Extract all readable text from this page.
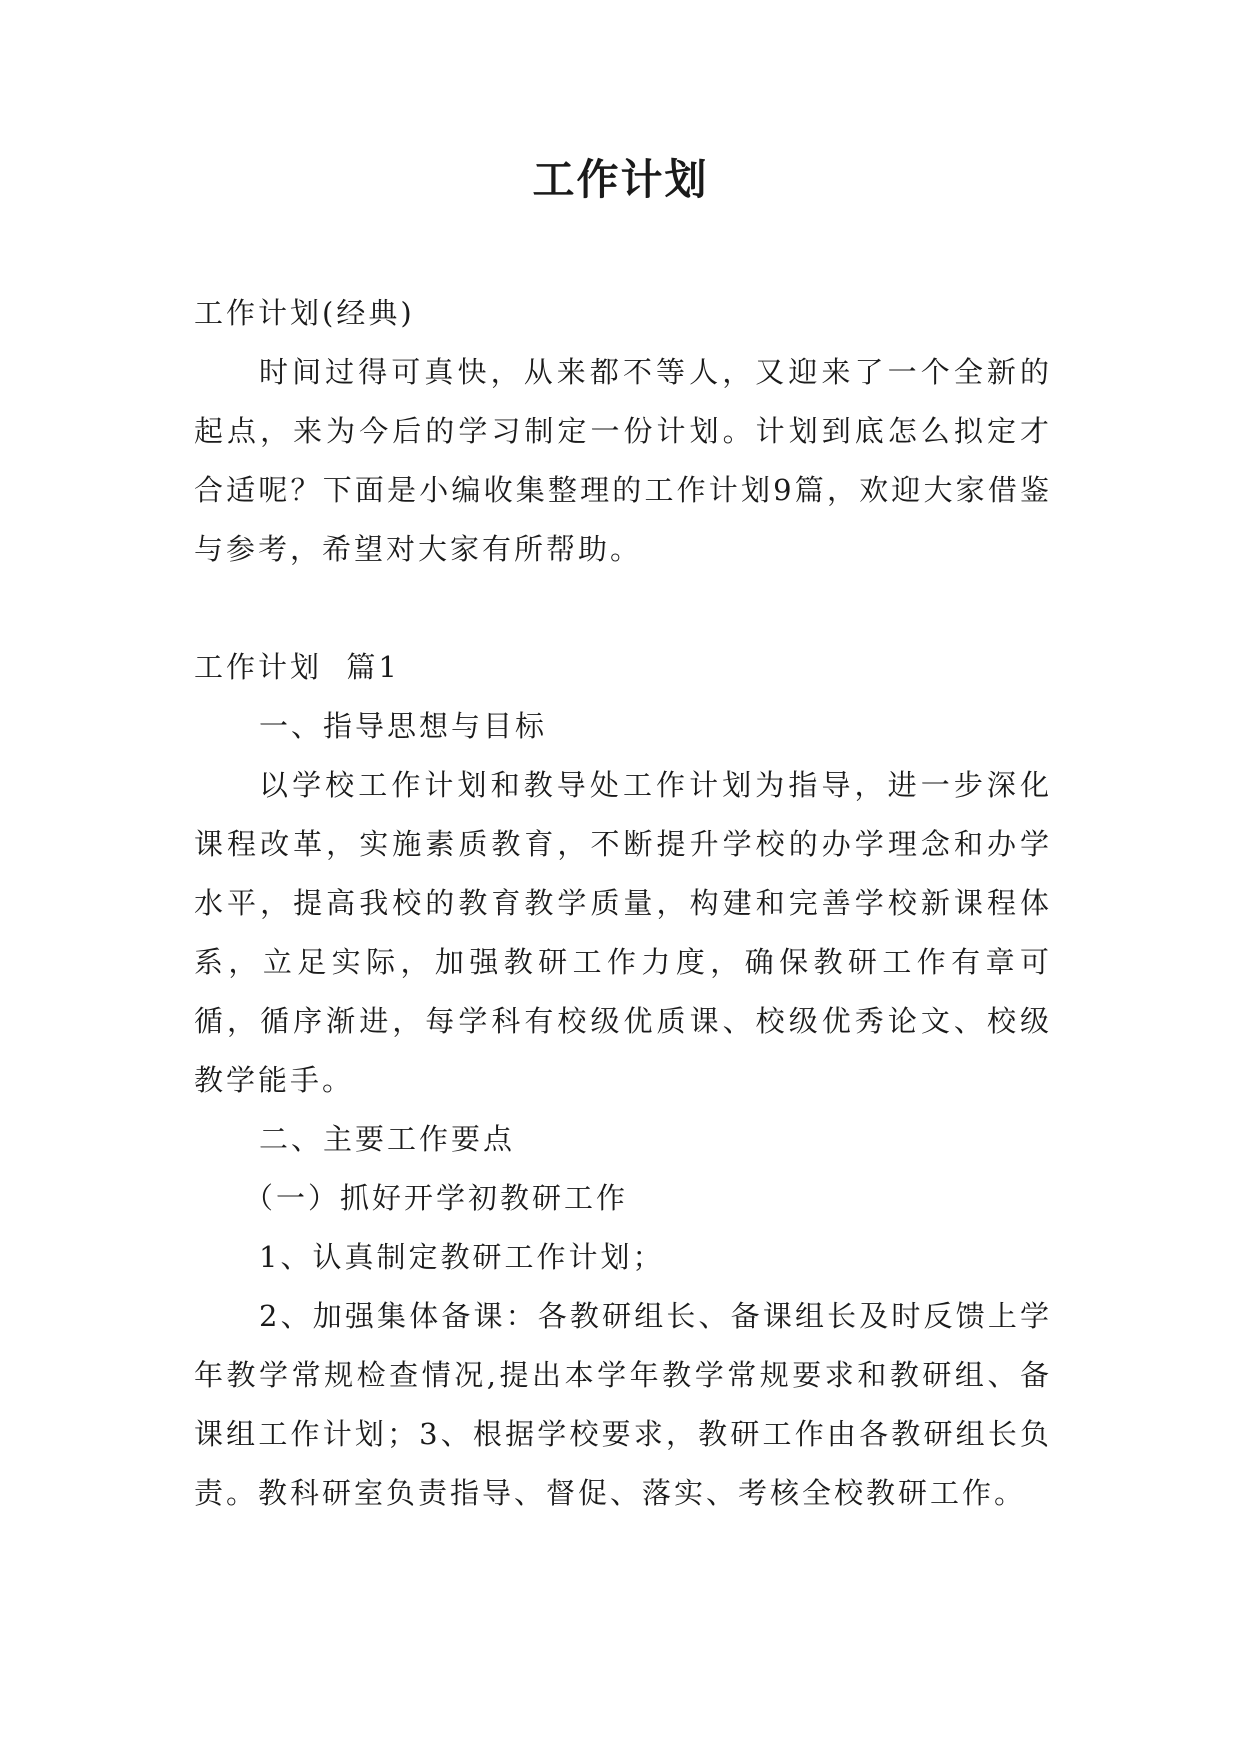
工作计划

工作计划(经典)

时间过得可真快，从来都不等人，又迎来了一个全新的起点，来为今后的学习制定一份计划。计划到底怎么拟定才合适呢？下面是小编收集整理的工作计划9篇，欢迎大家借鉴与参考，希望对大家有所帮助。

工作计划  篇1

一、指导思想与目标

以学校工作计划和教导处工作计划为指导，进一步深化课程改革，实施素质教育，不断提升学校的办学理念和办学水平，提高我校的教育教学质量，构建和完善学校新课程体系，立足实际，加强教研工作力度，确保教研工作有章可循，循序渐进，每学科有校级优质课、校级优秀论文、校级教学能手。

二、主要工作要点

（一）抓好开学初教研工作

1、认真制定教研工作计划；

2、加强集体备课：各教研组长、备课组长及时反馈上学年教学常规检查情况,提出本学年教学常规要求和教研组、备课组工作计划；3、根据学校要求，教研工作由各教研组长负责。教科研室负责指导、督促、落实、考核全校教研工作。
